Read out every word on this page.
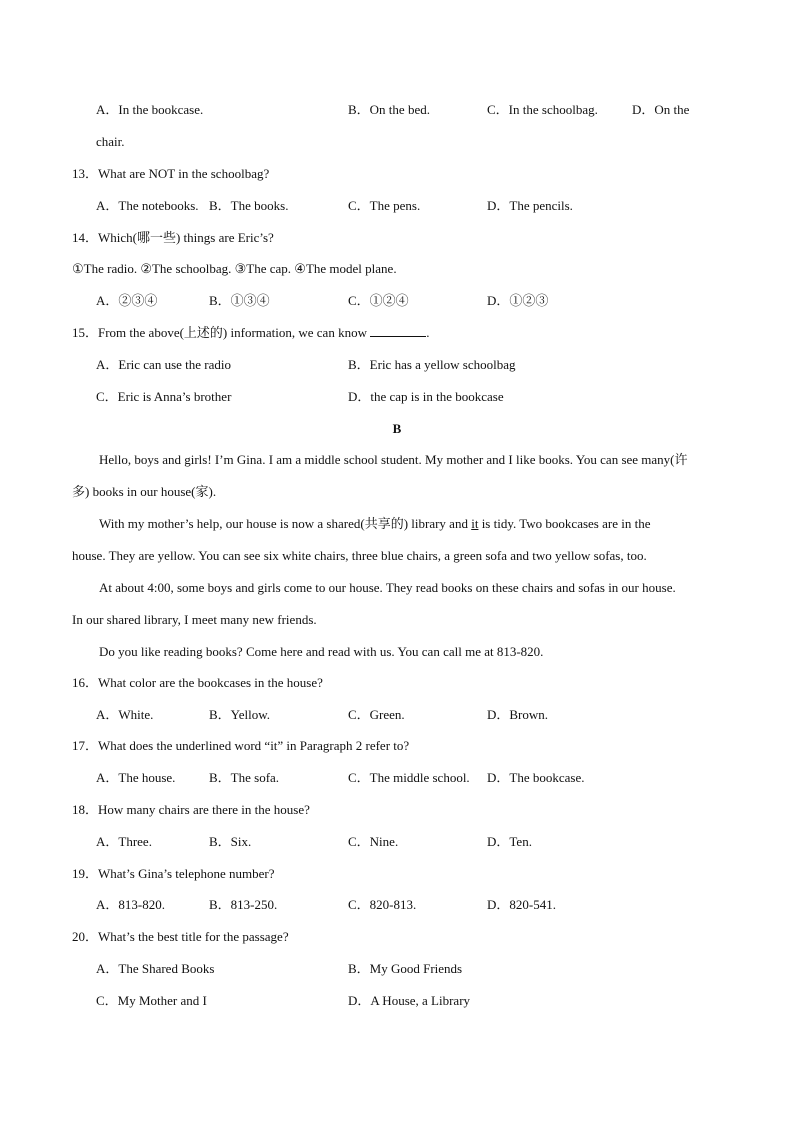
A．In the bookcase.	B．On the bed.	C．In the schoolbag.	D．On the
chair.
13．What are NOT in the schoolbag?
A．The notebooks. B．The books.	C．The pens.	D．The pencils.
14．Which(哪一些) things are Eric’s?
①The radio. ②The schoolbag. ③The cap. ④The model plane.
A．②③④	B．①③④	C．①②④	D．①②③
15．From the above(上述的) information, we can know	.
A．Eric can use the radio	B．Eric has a yellow schoolbag
C．Eric is Anna’s brother	D．the cap is in the bookcase
B
Hello, boys and girls! I’m Gina. I am a middle school student. My mother and I like books. You can see many(许
多) books in our house(家).
With my mother’s help, our house is now a shared(共享的) library and it is tidy. Two bookcases are in the
house. They are yellow. You can see six white chairs, three blue chairs, a green sofa and two yellow sofas, too.
At about 4:00, some boys and girls come to our house. They read books on these chairs and sofas in our house.
In our shared library, I meet many new friends.
Do you like reading books? Come here and read with us. You can call me at 813-820.
16．What color are the bookcases in the house?
A．White.	B．Yellow.	C．Green.	D．Brown.
17．What does the underlined word “it” in Paragraph 2 refer to?
A．The house.	B．The sofa.	C．The middle school. D．The bookcase.
18．How many chairs are there in the house?
A．Three.	B．Six.	C．Nine.	D．Ten.
19．What’s Gina’s telephone number?
A．813-820.	B．813-250.	C．820-813.	D．820-541.
20．What’s the best title for the passage?
A．The Shared Books	B．My Good Friends
C．My Mother and I	D．A House, a Library
